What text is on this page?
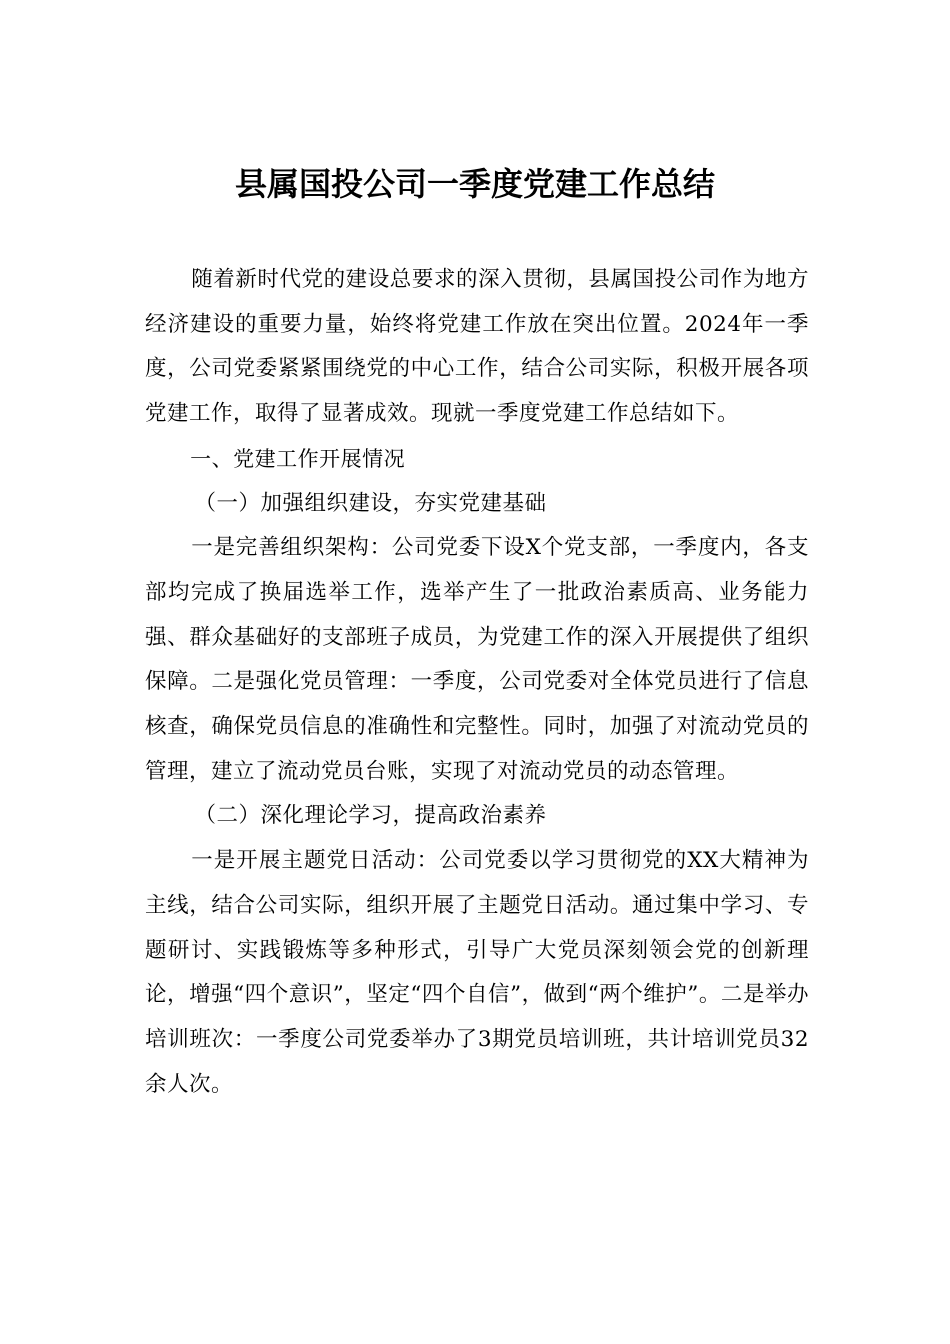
县属国投公司一季度党建工作总结

随着新时代党的建设总要求的深入贯彻，县属国投公司作为地方经济建设的重要力量，始终将党建工作放在突出位置。2024年一季度，公司党委紧紧围绕党的中心工作，结合公司实际，积极开展各项党建工作，取得了显著成效。现就一季度党建工作总结如下。

一、党建工作开展情况

（一）加强组织建设，夯实党建基础

一是完善组织架构：公司党委下设X个党支部，一季度内，各支部均完成了换届选举工作，选举产生了一批政治素质高、业务能力强、群众基础好的支部班子成员，为党建工作的深入开展提供了组织保障。二是强化党员管理：一季度，公司党委对全体党员进行了信息核查，确保党员信息的准确性和完整性。同时，加强了对流动党员的管理，建立了流动党员台账，实现了对流动党员的动态管理。

（二）深化理论学习，提高政治素养

一是开展主题党日活动：公司党委以学习贯彻党的XX大精神为主线，结合公司实际，组织开展了主题党日活动。通过集中学习、专题研讨、实践锻炼等多种形式，引导广大党员深刻领会党的创新理论，增强“四个意识”，坚定“四个自信”，做到“两个维护”。二是举办培训班次：一季度公司党委举办了3期党员培训班，共计培训党员32余人次。
